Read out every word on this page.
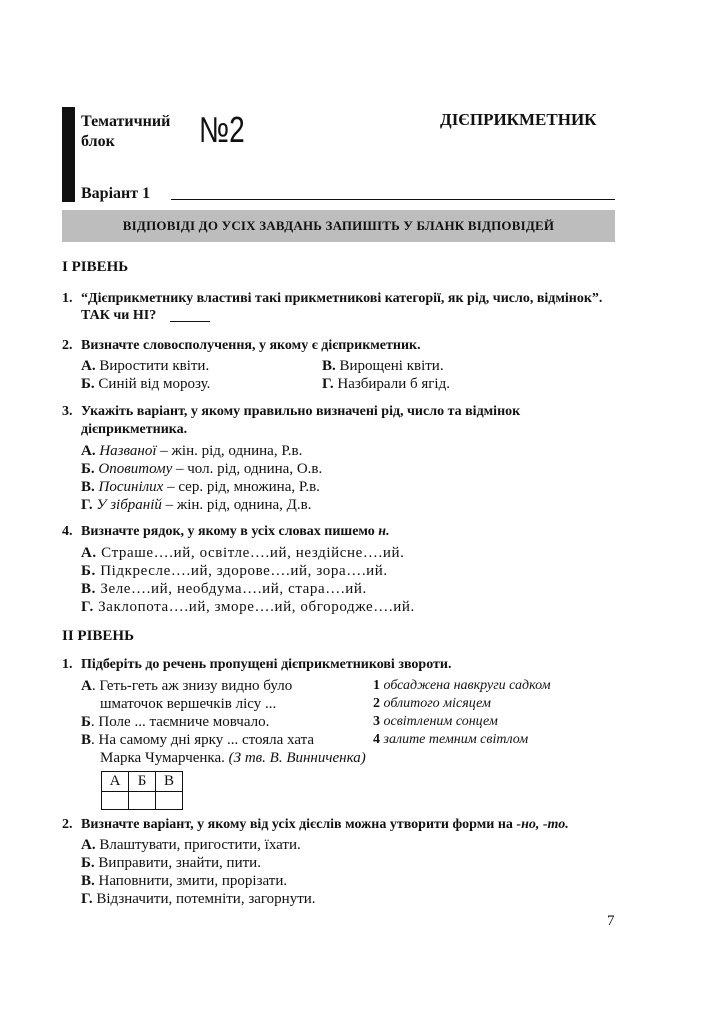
Тематичний
блок №2	ДІЄПРИКМЕТНИК
Варіант 1
ВІДПОВІДІ ДО УСІХ ЗАВДАНЬ ЗАПИШІТЬ У БЛАНК ВІДПОВІДЕЙ
І РІВЕНЬ
1. “Дієприкметнику властиві такі прикметникові категорії, як рід, число, відмінок”.
ТАК чи НІ?
2. Визначте словосполучення, у якому є дієприкметник.
А. Виростити квіти.
Б. Синій від морозу.
В. Вирощені квіти.
Г. Назбирали б ягід.
3. Укажіть варіант, у якому правильно визначені рід, число та відмінок
дієприкметника.
А. Названої – жін. рід, однина, Р.в.
Б. Оповитому – чол. рід, однина, О.в.
В. Посинілих – сер. рід, множина, Р.в.
Г. У зібраній – жін. рід, однина, Д.в.
4. Визначте рядок, у якому в усіх словах пишемо н.
А. Страше….ий, освітле….ий, нездійсне….ий.
Б. Підкресле….ий, здорове….ий, зора….ий.
В. Зеле….ий, необдума….ий, стара….ий.
Г. Заклопота….ий, зморе….ий, обгородже….ий.
ІІ РІВЕНЬ
1. Підберіть до речень пропущені дієприкметникові звороти.
А. Геть-геть аж знизу видно було
шматочок вершечків лісу ...
Б. Поле ... таємниче мовчало.
В. На самому дні ярку ... стояла хата
Марка Чумарченка. (З тв. В. Винниченка)
1 обсаджена навкруги садком
2 облитого місяцем
3 освітленим сонцем
4 залите темним світлом
А	Б	В

2. Визначте варіант, у якому від усіх дієслів можна утворити форми на -но, -то.
А. Влаштувати, пригостити, їхати.
Б. Виправити, знайти, пити.
В. Наповнити, змити, прорізати.
Г. Відзначити, потемніти, загорнути.
7
